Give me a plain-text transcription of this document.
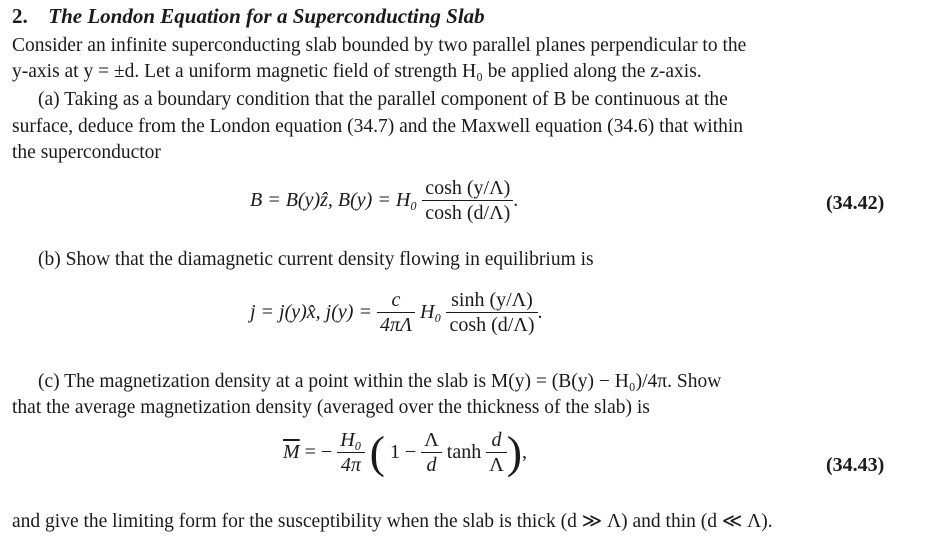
2. The London Equation for a Superconducting Slab
Consider an infinite superconducting slab bounded by two parallel planes perpendicular to the
y-axis at y = ±d. Let a uniform magnetic field of strength H₀ be applied along the z-axis.
(a) Taking as a boundary condition that the parallel component of B be continuous at the
surface, deduce from the London equation (34.7) and the Maxwell equation (34.6) that within
the superconductor
B = B(y)ẑ, $B(y) = H_0 \frac{\cosh (y/\Lambda)}{\cosh (d/\Lambda)}$ .	(34.42)
(b) Show that the diamagnetic current density flowing in equilibrium is
j = j(y)x̂, $j(y) = \frac{c}{4\pi\Lambda} H_0 \frac{\sinh (y/\Lambda)}{\cosh (d/\Lambda)}$ .
(c) The magnetization density at a point within the slab is M(y) = (B(y) − H₀)/4π. Show
that the average magnetization density (averaged over the thickness of the slab) is
$\overline{M}$ = − $\frac{\text{H₀}}{4\pi}$ ( $1 - \frac{\Lambda}{d}$ $\tanh \frac{d}{\Lambda}$ ),
(34.43)
and give the limiting form for the susceptibility when the slab is thick (d ≫ Λ) and thin (d ≪ Λ).
